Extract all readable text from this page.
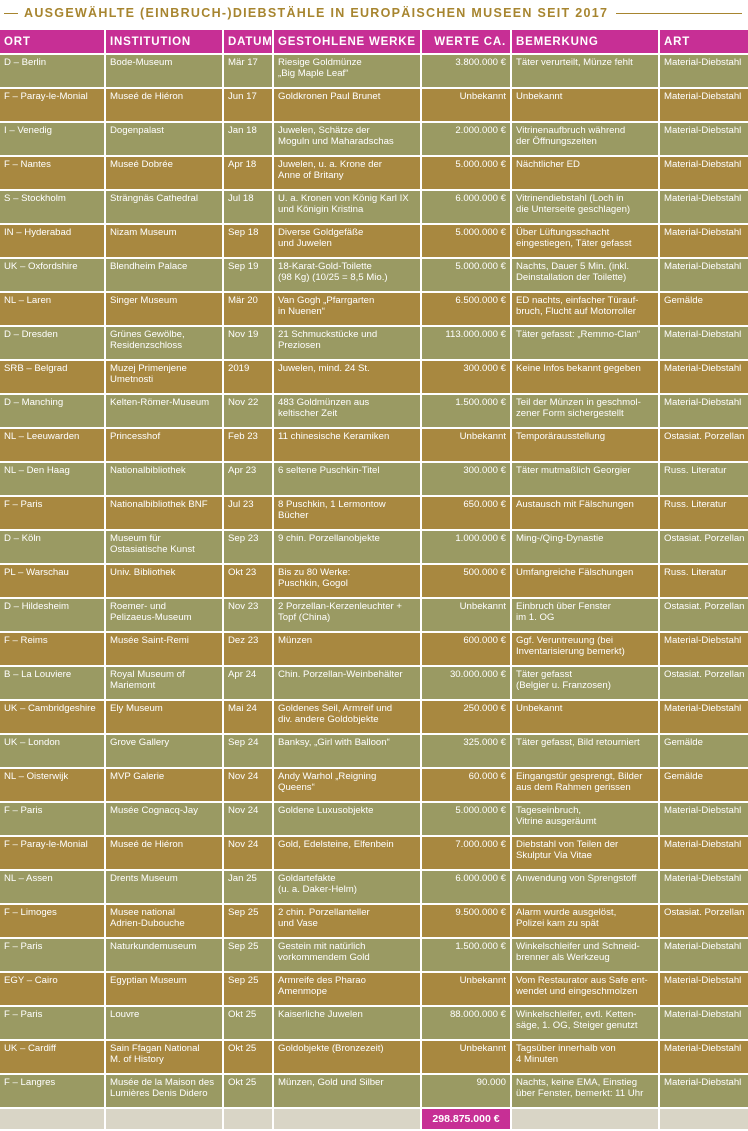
AUSGEWÄHLTE (EINBRUCH-)DIEBSTÄHLE IN EUROPÄISCHEN MUSEEN SEIT 2017
ORT	INSTITUTION	DATUM	GESTOHLENE WERKE	WERTE CA.	BEMERKUNG	ART
D – Berlin	Bode-Museum	Mär 17	Riesige Goldmünze
„Big Maple Leaf“	3.800.000 €	Täter verurteilt, Münze fehlt	Material-Diebstahl
F – Paray-le-Monial	Museé de Hiéron	Jun 17	Goldkronen Paul Brunet	Unbekannt	Unbekannt	Material-Diebstahl
I – Venedig	Dogenpalast	Jan 18	Juwelen, Schätze der
Moguln und Maharadschas	2.000.000 €	Vitrinenaufbruch während
der Öffnungszeiten	Material-Diebstahl
F – Nantes	Museé Dobrée	Apr 18	Juwelen, u. a. Krone der
Anne of Britany	5.000.000 €	Nächtlicher ED	Material-Diebstahl
S – Stockholm	Strängnäs Cathedral	Jul 18	U. a. Kronen von König Karl IX
und Königin Kristina	6.000.000 €	Vitrinendiebstahl (Loch in
die Unterseite geschlagen)	Material-Diebstahl
IN – Hyderabad	Nizam Museum	Sep 18	Diverse Goldgefäße
und Juwelen	5.000.000 €	Über Lüftungsschacht
eingestiegen, Täter gefasst	Material-Diebstahl
UK – Oxfordshire	Blendheim Palace	Sep 19	18-Karat-Gold-Toilette
(98 Kg) (10/25 = 8,5 Mio.)	5.000.000 €	Nachts, Dauer 5 Min. (inkl.
Deinstallation der Toilette)	Material-Diebstahl
NL – Laren	Singer Museum	Mär 20	Van Gogh „Pfarrgarten
in Nuenen“	6.500.000 €	ED nachts, einfacher Türauf-
bruch, Flucht auf Motorroller	Gemälde
D – Dresden	Grünes Gewölbe,
Residenzschloss	Nov 19	21 Schmuckstücke und
Preziosen	113.000.000 €	Täter gefasst: „Remmo-Clan“	Material-Diebstahl
SRB – Belgrad	Muzej Primenjene
Umetnosti	2019	Juwelen, mind. 24 St.	300.000 €	Keine Infos bekannt gegeben	Material-Diebstahl
D – Manching	Kelten-Römer-Museum	Nov 22	483 Goldmünzen aus
keltischer Zeit	1.500.000 €	Teil der Münzen in geschmol-
zener Form sichergestellt	Material-Diebstahl
NL – Leeuwarden	Princesshof	Feb 23	11 chinesische Keramiken	Unbekannt	Temporärausstellung	Ostasiat. Porzellan
NL – Den Haag	Nationalbibliothek	Apr 23	6 seltene Puschkin-Titel	300.000 €	Täter mutmaßlich Georgier	Russ. Literatur
F – Paris	Nationalbibliothek BNF	Jul 23	8 Puschkin, 1 Lermontow
Bücher	650.000 €	Austausch mit Fälschungen	Russ. Literatur
D – Köln	Museum für
Ostasiatische Kunst	Sep 23	9 chin. Porzellanobjekte	1.000.000 €	Ming-/Qing-Dynastie	Ostasiat. Porzellan
PL – Warschau	Univ. Bibliothek	Okt 23	Bis zu 80 Werke:
Puschkin, Gogol	500.000 €	Umfangreiche Fälschungen	Russ. Literatur
D – Hildesheim	Roemer- und
Pelizaeus-Museum	Nov 23	2 Porzellan-Kerzenleuchter +
Topf (China)	Unbekannt	Einbruch über Fenster
im 1. OG	Ostasiat. Porzellan
F – Reims	Musée Saint-Remi	Dez 23	Münzen	600.000 €	Ggf. Veruntreuung (bei
Inventarisierung bemerkt)	Material-Diebstahl
B – La Louviere	Royal Museum of
Mariemont	Apr 24	Chin. Porzellan-Weinbehälter	30.000.000 €	Täter gefasst
(Belgier u. Franzosen)	Ostasiat. Porzellan
UK – Cambridgeshire	Ely Museum	Mai 24	Goldenes Seil, Armreif und
div. andere Goldobjekte	250.000 €	Unbekannt	Material-Diebstahl
UK – London	Grove Gallery	Sep 24	Banksy, „Girl with Balloon“	325.000 €	Täter gefasst, Bild retourniert	Gemälde
NL – Oisterwijk	MVP Galerie	Nov 24	Andy Warhol „Reigning
Queens“	60.000 €	Eingangstür gesprengt, Bilder
aus dem Rahmen gerissen	Gemälde
F – Paris	Musée Cognacq-Jay	Nov 24	Goldene Luxusobjekte	5.000.000 €	Tageseinbruch,
Vitrine ausgeräumt	Material-Diebstahl
F – Paray-le-Monial	Museé de Hiéron	Nov 24	Gold, Edelsteine, Elfenbein	7.000.000 €	Diebstahl von Teilen der
Skulptur Via Vitae	Material-Diebstahl
NL – Assen	Drents Museum	Jan 25	Goldartefakte
(u. a. Daker-Helm)	6.000.000 €	Anwendung von Sprengstoff	Material-Diebstahl
F – Limoges	Musee national
Adrien-Dubouche	Sep 25	2 chin. Porzellanteller
und Vase	9.500.000 €	Alarm wurde ausgelöst,
Polizei kam zu spät	Ostasiat. Porzellan
F – Paris	Naturkundemuseum	Sep 25	Gestein mit natürlich
vorkommendem Gold	1.500.000 €	Winkelschleifer und Schneid-
brenner als Werkzeug	Material-Diebstahl
EGY – Cairo	Egyptian Museum	Sep 25	Armreife des Pharao
Amenmope	Unbekannt	Vom Restaurator aus Safe ent-
wendet und eingeschmolzen	Material-Diebstahl
F – Paris	Louvre	Okt 25	Kaiserliche Juwelen	88.000.000 €	Winkelschleifer, evtl. Ketten-
säge, 1. OG, Steiger genutzt	Material-Diebstahl
UK – Cardiff	Sain Ffagan National
M. of History	Okt 25	Goldobjekte (Bronzezeit)	Unbekannt	Tagsüber innerhalb von
4 Minuten	Material-Diebstahl
F – Langres	Musée de la Maison des
Lumières Denis Didero	Okt 25	Münzen, Gold und Silber	90.000	Nachts, keine EMA, Einstieg
über Fenster, bemerkt: 11 Uhr	Material-Diebstahl
				298.875.000 €		
